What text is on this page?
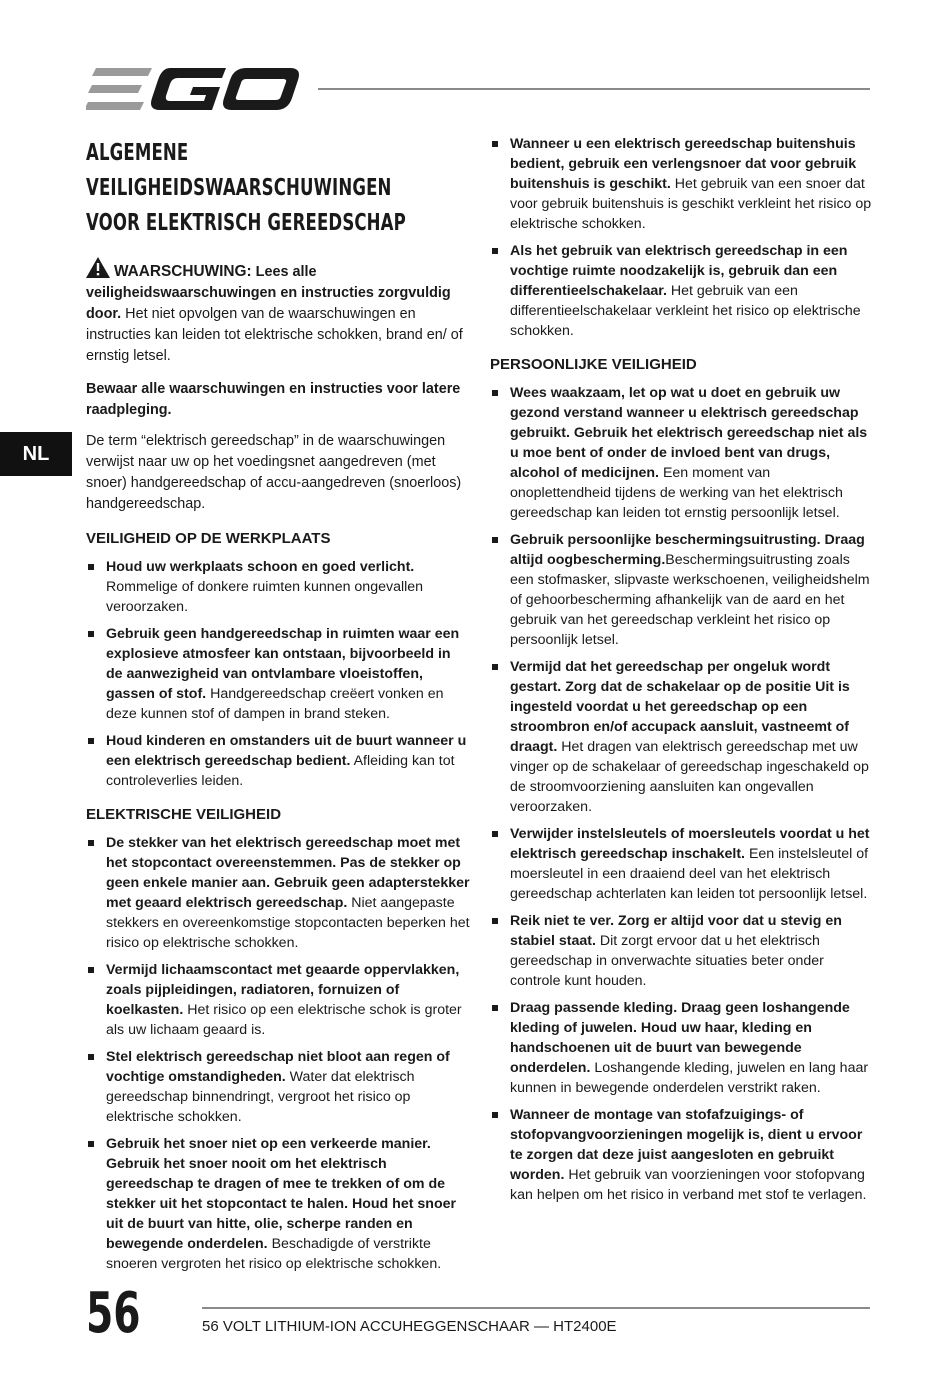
NL
ALGEMENE VEILIGHEIDSWAARSCHUWINGEN
VOOR ELEKTRISCH GEREEDSCHAP

WAARSCHUWING: Lees alle veiligheidswaarschuwingen en instructies zorgvuldig door. Het niet opvolgen van de waarschuwingen en instructies kan leiden tot elektrische schokken, brand en/ of ernstig letsel.

Bewaar alle waarschuwingen en instructies voor latere raadpleging.

De term “elektrisch gereedschap” in de waarschuwingen verwijst naar uw op het voedingsnet aangedreven (met snoer) handgereedschap of accu-aangedreven (snoerloos) handgereedschap.

VEILIGHEID OP DE WERKPLAATS
Houd uw werkplaats schoon en goed verlicht. Rommelige of donkere ruimten kunnen ongevallen veroorzaken.
Gebruik geen handgereedschap in ruimten waar een explosieve atmosfeer kan ontstaan, bijvoorbeeld in de aanwezigheid van ontvlambare vloeistoffen, gassen of stof. Handgereedschap creëert vonken en deze kunnen stof of dampen in brand steken.
Houd kinderen en omstanders uit de buurt wanneer u een elektrisch gereedschap bedient. Afleiding kan tot controleverlies leiden.
ELEKTRISCHE VEILIGHEID
De stekker van het elektrisch gereedschap moet met het stopcontact overeenstemmen. Pas de stekker op geen enkele manier aan. Gebruik geen adapterstekker met geaard elektrisch gereedschap. Niet aangepaste stekkers en overeenkomstige stopcontacten beperken het risico op elektrische schokken.
Vermijd lichaamscontact met geaarde oppervlakken, zoals pijpleidingen, radiatoren, fornuizen of koelkasten. Het risico op een elektrische schok is groter als uw lichaam geaard is.
Stel elektrisch gereedschap niet bloot aan regen of vochtige omstandigheden. Water dat elektrisch gereedschap binnendringt, vergroot het risico op elektrische schokken.
Gebruik het snoer niet op een verkeerde manier. Gebruik het snoer nooit om het elektrisch gereedschap te dragen of mee te trekken of om de stekker uit het stopcontact te halen. Houd het snoer uit de buurt van hitte, olie, scherpe randen en bewegende onderdelen. Beschadigde of verstrikte snoeren vergroten het risico op elektrische schokken.
Wanneer u een elektrisch gereedschap buitenshuis bedient, gebruik een verlengsnoer dat voor gebruik buitenshuis is geschikt. Het gebruik van een snoer dat voor gebruik buitenshuis is geschikt verkleint het risico op elektrische schokken.
Als het gebruik van elektrisch gereedschap in een vochtige ruimte noodzakelijk is, gebruik dan een differentieelschakelaar. Het gebruik van een differentieelschakelaar verkleint het risico op elektrische schokken.
PERSOONLIJKE VEILIGHEID
Wees waakzaam, let op wat u doet en gebruik uw gezond verstand wanneer u elektrisch gereedschap gebruikt. Gebruik het elektrisch gereedschap niet als u moe bent of onder de invloed bent van drugs, alcohol of medicijnen. Een moment van onoplettendheid tijdens de werking van het elektrisch gereedschap kan leiden tot ernstig persoonlijk letsel.
Gebruik persoonlijke beschermingsuitrusting. Draag altijd oogbescherming.Beschermingsuitrusting zoals een stofmasker, slipvaste werkschoenen, veiligheidshelm of gehoorbescherming afhankelijk van de aard en het gebruik van het gereedschap verkleint het risico op persoonlijk letsel.
Vermijd dat het gereedschap per ongeluk wordt gestart. Zorg dat de schakelaar op de positie Uit is ingesteld voordat u het gereedschap op een stroombron en/of accupack aansluit, vastneemt of draagt. Het dragen van elektrisch gereedschap met uw vinger op de schakelaar of gereedschap ingeschakeld op de stroomvoorziening aansluiten kan ongevallen veroorzaken.
Verwijder instelsleutels of moersleutels voordat u het elektrisch gereedschap inschakelt. Een instelsleutel of moersleutel in een draaiend deel van het elektrisch gereedschap achterlaten kan leiden tot persoonlijk letsel.
Reik niet te ver. Zorg er altijd voor dat u stevig en stabiel staat. Dit zorgt ervoor dat u het elektrisch gereedschap in onverwachte situaties beter onder controle kunt houden.
Draag passende kleding. Draag geen loshangende kleding of juwelen. Houd uw haar, kleding en handschoenen uit de buurt van bewegende onderdelen. Loshangende kleding, juwelen en lang haar kunnen in bewegende onderdelen verstrikt raken.
Wanneer de montage van stofafzuigings- of stofopvangvoorzieningen mogelijk is, dient u ervoor te zorgen dat deze juist aangesloten en gebruikt worden. Het gebruik van voorzieningen voor stofopvang kan helpen om het risico in verband met stof te verlagen.
56	56 VOLT LITHIUM-ION ACCUHEGGENSCHAAR — HT2400E
